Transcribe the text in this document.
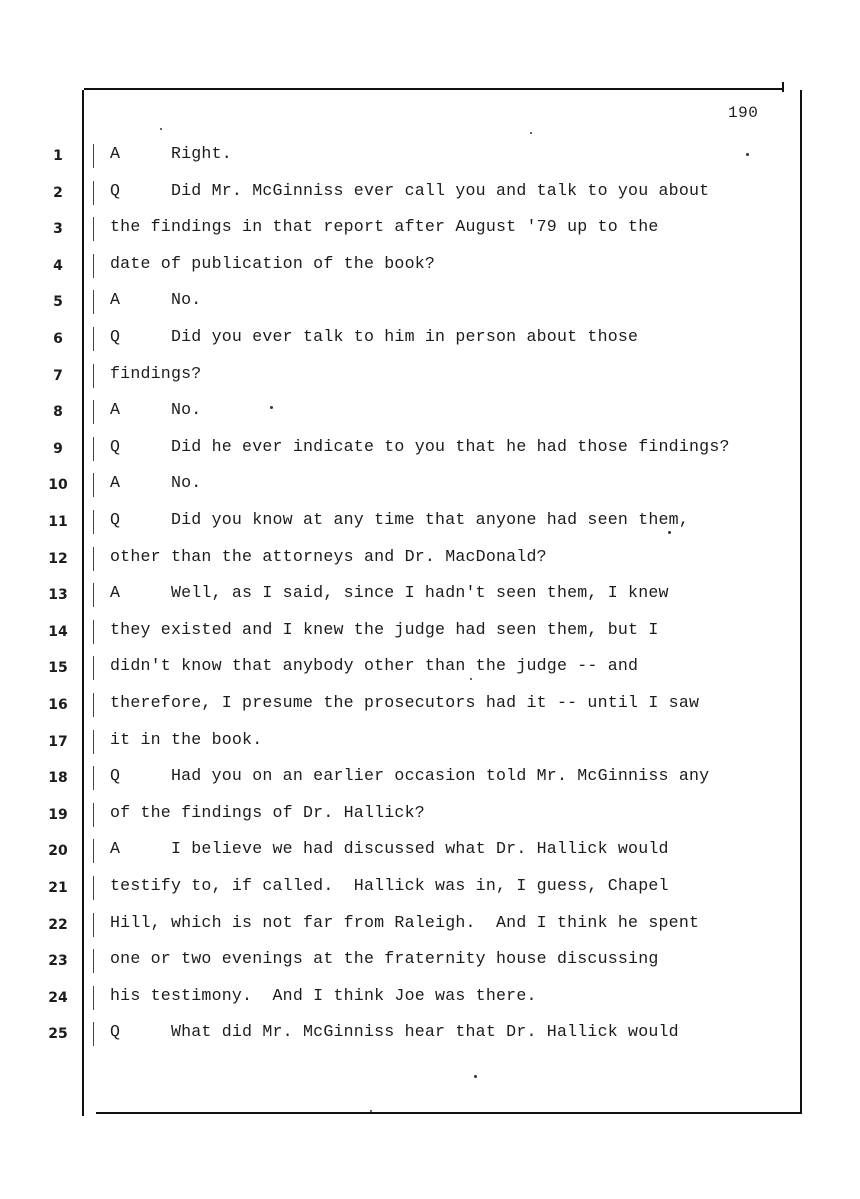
190
1	A     Right.
2	Q     Did Mr. McGinniss ever call you and talk to you about
3	the findings in that report after August '79 up to the
4	date of publication of the book?
5	A     No.
6	Q     Did you ever talk to him in person about those
7	findings?
8	A     No.
9	Q     Did he ever indicate to you that he had those findings?
10	A     No.
11	Q     Did you know at any time that anyone had seen them,
12	other than the attorneys and Dr. MacDonald?
13	A     Well, as I said, since I hadn't seen them, I knew
14	they existed and I knew the judge had seen them, but I
15	didn't know that anybody other than the judge -- and
16	therefore, I presume the prosecutors had it -- until I saw
17	it in the book.
18	Q     Had you on an earlier occasion told Mr. McGinniss any
19	of the findings of Dr. Hallick?
20	A     I believe we had discussed what Dr. Hallick would
21	testify to, if called.  Hallick was in, I guess, Chapel
22	Hill, which is not far from Raleigh.  And I think he spent
23	one or two evenings at the fraternity house discussing
24	his testimony.  And I think Joe was there.
25	Q     What did Mr. McGinniss hear that Dr. Hallick would
